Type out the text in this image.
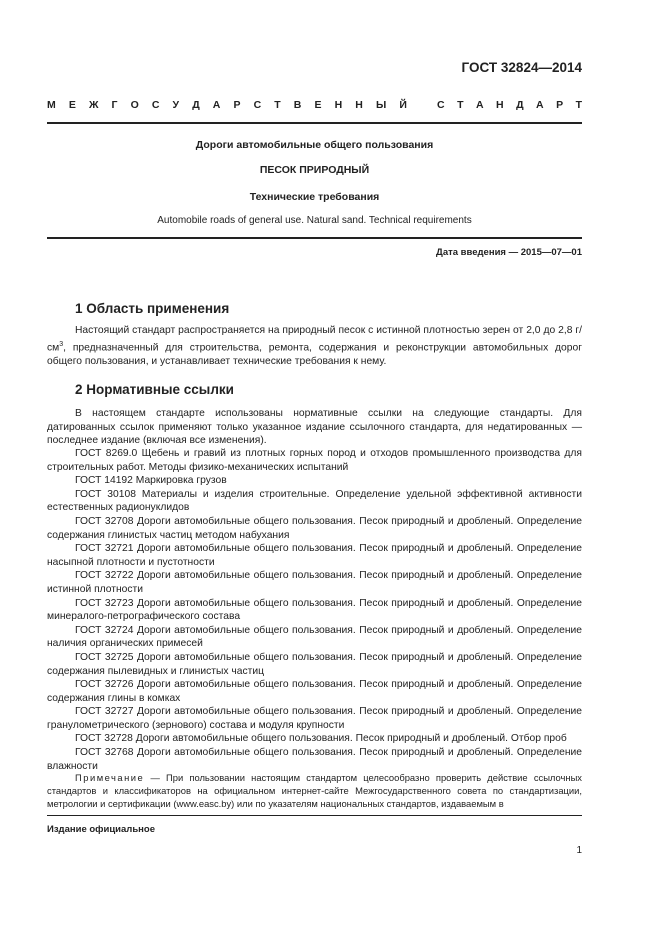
ГОСТ 32824—2014
М Е Ж Г О С У Д А Р С Т В Е Н Н Ы Й	С Т А Н Д А Р Т
Дороги автомобильные общего пользования
ПЕСОК ПРИРОДНЫЙ
Технические требования
Automobile roads of general use. Natural sand. Technical requirements
Дата введения — 2015—07—01
1 Область применения
Настоящий стандарт распространяется на природный песок с истинной плотностью зерен от 2,0 до 2,8 $г/см^3$, предназначенный для строительства, ремонта, содержания и реконструкции автомобильных дорог общего пользования, и устанавливает технические требования к нему.
2 Нормативные ссылки
В настоящем стандарте использованы нормативные ссылки на следующие стандарты. Для датированных ссылок применяют только указанное издание ссылочного стандарта, для недатированных — последнее издание (включая все изменения).

ГОСТ 8269.0 Щебень и гравий из плотных горных пород и отходов промышленного производства для строительных работ. Методы физико-механических испытаний

ГОСТ 14192 Маркировка грузов

ГОСТ 30108 Материалы и изделия строительные. Определение удельной эффективной активности естественных радионуклидов

ГОСТ 32708 Дороги автомобильные общего пользования. Песок природный и дробленый. Определение содержания глинистых частиц методом набухания

ГОСТ 32721 Дороги автомобильные общего пользования. Песок природный и дробленый. Определение насыпной плотности и пустотности

ГОСТ 32722 Дороги автомобильные общего пользования. Песок природный и дробленый. Определение истинной плотности

ГОСТ 32723 Дороги автомобильные общего пользования. Песок природный и дробленый. Определение минералого-петрографического состава

ГОСТ 32724 Дороги автомобильные общего пользования. Песок природный и дробленый. Определение наличия органических примесей

ГОСТ 32725 Дороги автомобильные общего пользования. Песок природный и дробленый. Определение содержания пылевидных и глинистых частиц

ГОСТ 32726 Дороги автомобильные общего пользования. Песок природный и дробленый. Определение содержания глины в комках

ГОСТ 32727 Дороги автомобильные общего пользования. Песок природный и дробленый. Определение гранулометрического (зернового) состава и модуля крупности

ГОСТ 32728 Дороги автомобильные общего пользования. Песок природный и дробленый. Отбор проб

ГОСТ 32768 Дороги автомобильные общего пользования. Песок природный и дробленый. Определение влажности

Примечание — При пользовании настоящим стандартом целесообразно проверить действие ссылочных стандартов и классификаторов на официальном интернет-сайте Межгосударственного совета по стандартизации, метрологии и сертификации (www.easc.by) или по указателям национальных стандартов, издаваемым в
Издание официальное
1
